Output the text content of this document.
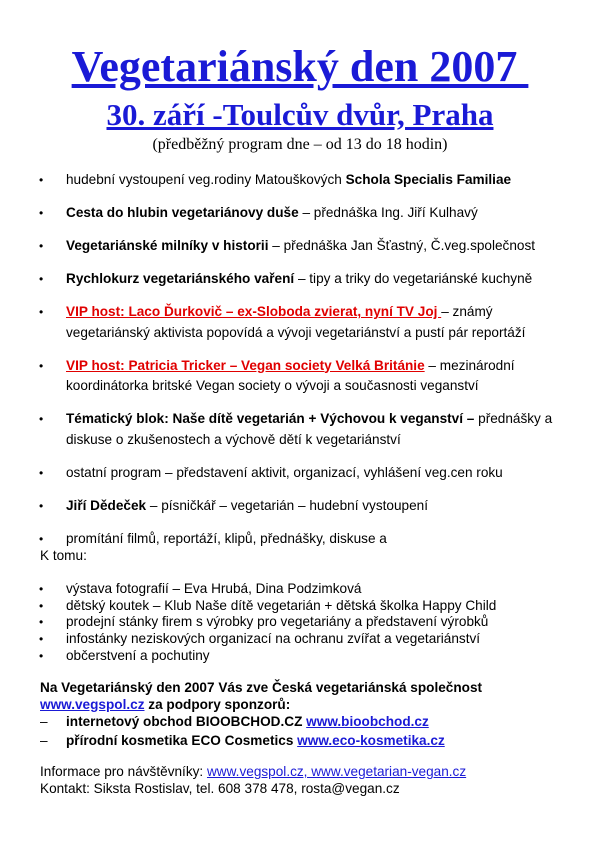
Vegetariánský den 2007
30. září -Toulcův dvůr, Praha
(předběžný program dne – od 13 do 18 hodin)
• hudební vystoupení veg.rodiny Matouškových Schola Specialis Familiae
• Cesta do hlubin vegetariánovy duše – přednáška Ing. Jiří Kulhavý
• Vegetariánské milníky v historii – přednáška Jan Šťastný, Č.veg.společnost
• Rychlokurz vegetariánského vaření – tipy a triky do vegetariánské kuchyně
• VIP host: Laco Ďurkovič – ex-Sloboda zvierat, nyní TV Joj – známý vegetariánský aktivista popovídá a vývoji vegetariánství a pustí pár reportáží
• VIP host: Patricia Tricker – Vegan society Velká Británie – mezinárodní koordinátorka britské Vegan society o vývoji a současnosti veganství
• Tématický blok: Naše dítě vegetarián + Výchovou k veganství – přednášky a diskuse o zkušenostech a výchově dětí k vegetariánství
• ostatní program – představení aktivit, organizací, vyhlášení veg.cen roku
• Jiří Dědeček – písničkář – vegetarián – hudební vystoupení
• promítání filmů, reportáží, klipů, přednášky, diskuse a
K tomu:
• výstava fotografií – Eva Hrubá, Dina Podzimková
• dětský koutek – Klub Naše dítě vegetarián + dětská školka Happy Child
• prodejní stánky firem s výrobky pro vegetariány a představení výrobků
• infostánky neziskových organizací na ochranu zvířat a vegetariánství
• občerstvení a pochutiny
Na Vegetariánský den 2007 Vás zve Česká vegetariánská společnost
www.vegspol.cz za podpory sponzorů:
– internetový obchod BIOOBCHOD.CZ www.bioobchod.cz
– přírodní kosmetika ECO Cosmetics www.eco-kosmetika.cz
Informace pro návštěvníky: www.vegspol.cz, www.vegetarian-vegan.cz
Kontakt: Siksta Rostislav, tel. 608 378 478, rosta@vegan.cz
